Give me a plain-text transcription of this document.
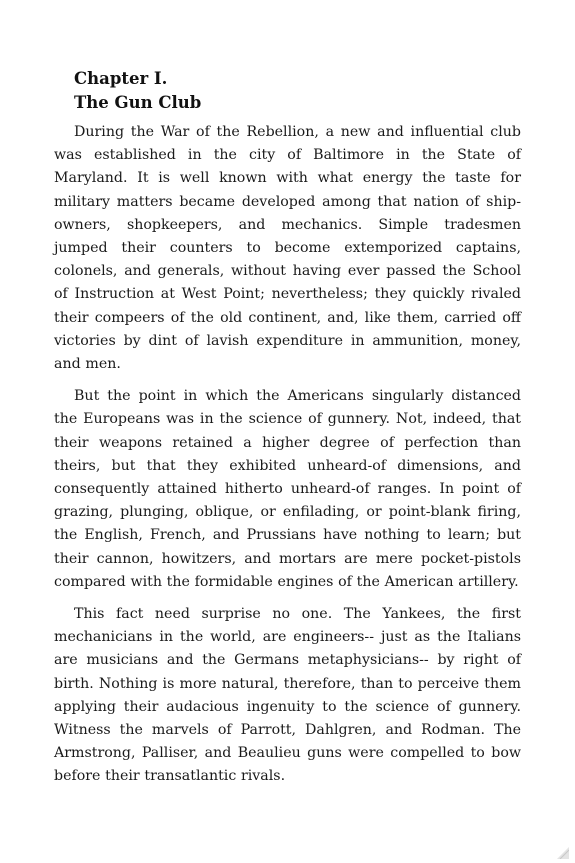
Chapter I.
The Gun Club

During the War of the Rebellion, a new and influential club was established in the city of Baltimore in the State of Maryland. It is well known with what energy the taste for military matters became developed among that nation of ship-owners, shopkeepers, and mechanics. Simple tradesmen jumped their counters to become extemporized captains, colonels, and generals, without having ever passed the School of Instruction at West Point; nevertheless; they quickly rivaled their compeers of the old continent, and, like them, carried off victories by dint of lavish expenditure in ammunition, money, and men.

But the point in which the Americans singularly distanced the Europeans was in the science of gunnery. Not, indeed, that their weapons retained a higher degree of perfection than theirs, but that they exhibited unheard-of dimensions, and consequently attained hitherto unheard-of ranges. In point of grazing, plunging, oblique, or enfilading, or point-blank firing, the English, French, and Prussians have nothing to learn; but their cannon, howitzers, and mortars are mere pocket-pistols compared with the formidable engines of the American artillery.

This fact need surprise no one. The Yankees, the first mechanicians in the world, are engineers-- just as the Italians are musicians and the Germans metaphysicians-- by right of birth. Nothing is more natural, therefore, than to perceive them applying their audacious ingenuity to the science of gunnery. Witness the marvels of Parrott, Dahlgren, and Rodman. The Armstrong, Palliser, and Beaulieu guns were compelled to bow before their transatlantic rivals.
